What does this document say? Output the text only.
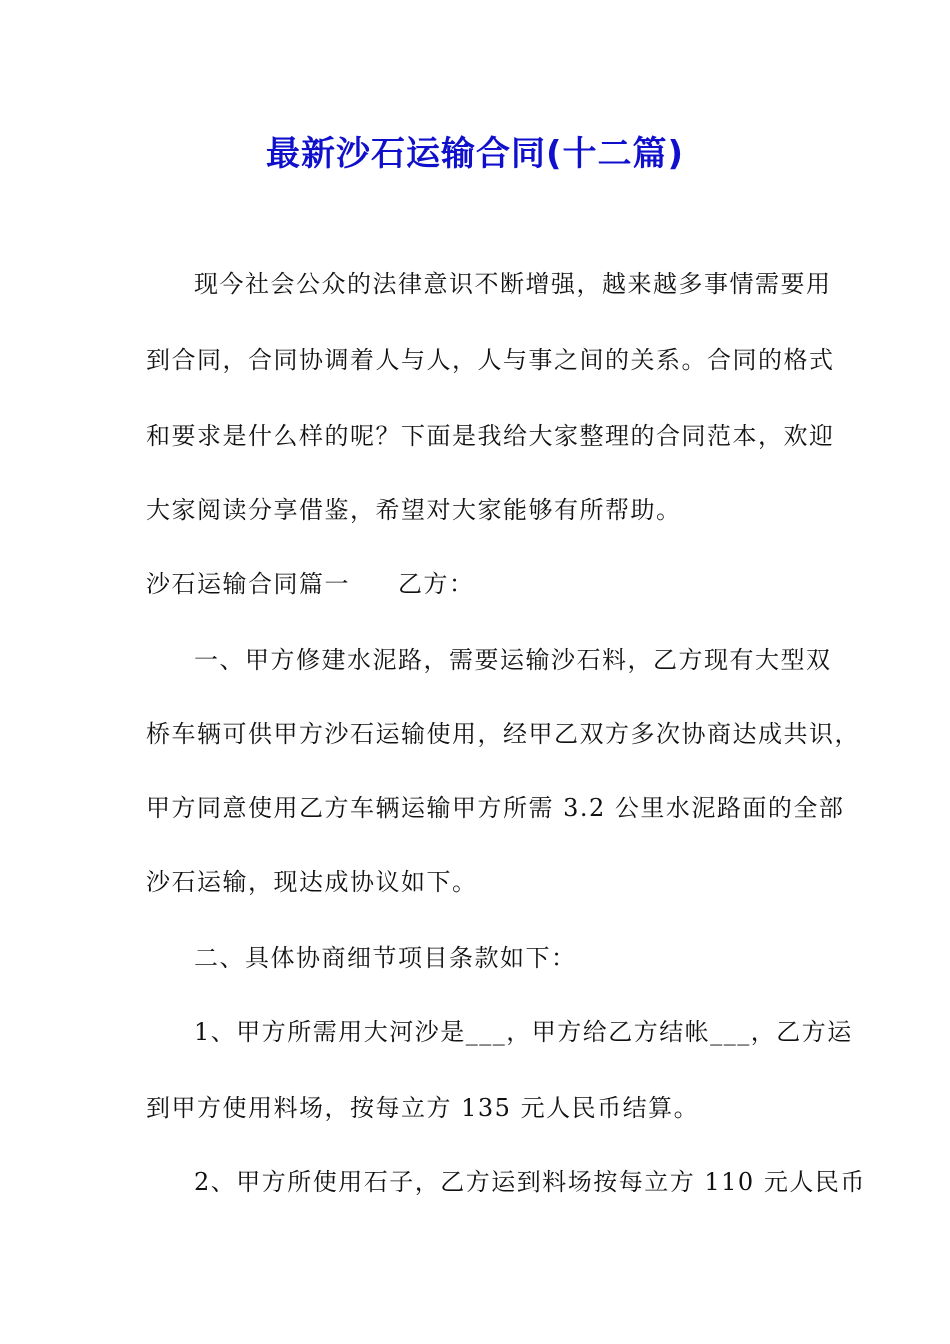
最新沙石运输合同(十二篇)
现今社会公众的法律意识不断增强，越来越多事情需要用
到合同，合同协调着人与人，人与事之间的关系。合同的格式
和要求是什么样的呢？下面是我给大家整理的合同范本，欢迎
大家阅读分享借鉴，希望对大家能够有所帮助。
沙石运输合同篇一 乙方：
一、甲方修建水泥路，需要运输沙石料，乙方现有大型双
桥车辆可供甲方沙石运输使用，经甲乙双方多次协商达成共识，
甲方同意使用乙方车辆运输甲方所需 3.2 公里水泥路面的全部
沙石运输，现达成协议如下。
二、具体协商细节项目条款如下：
1、甲方所需用大河沙是___，甲方给乙方结帐___，乙方运
到甲方使用料场，按每立方 135 元人民币结算。
2、甲方所使用石子，乙方运到料场按每立方 110 元人民币
